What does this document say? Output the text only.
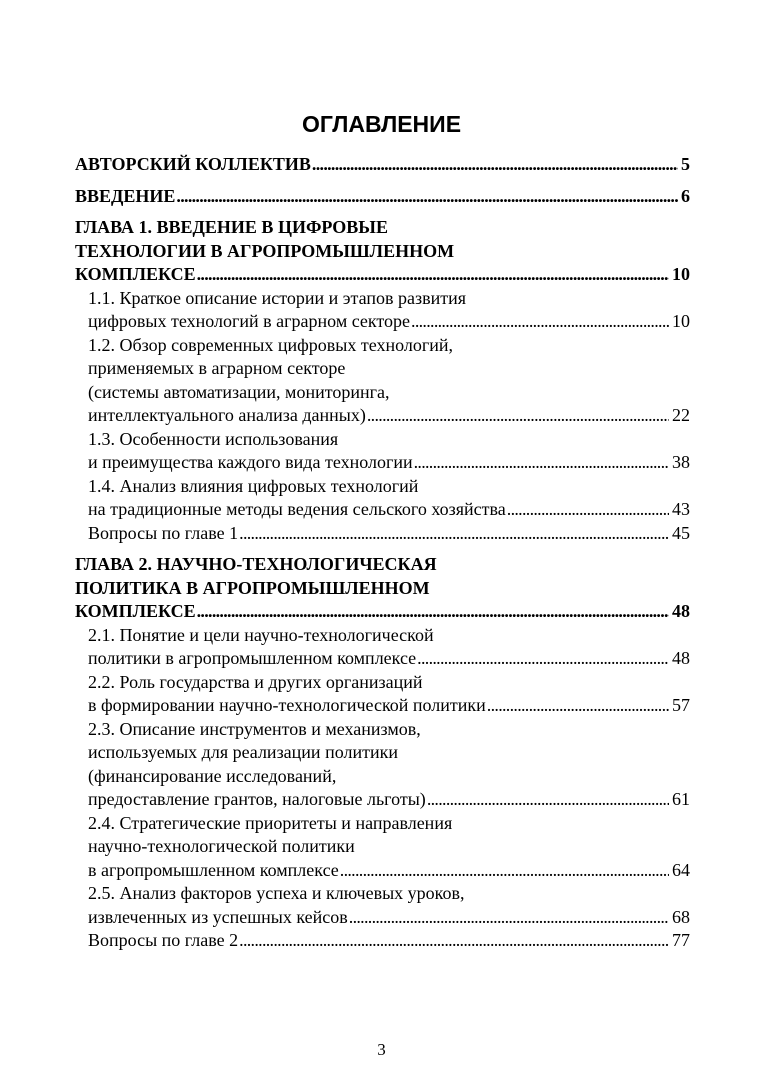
ОГЛАВЛЕНИЕ
АВТОРСКИЙ КОЛЛЕКТИВ . . .	5
ВВЕДЕНИЕ . . .	6
ГЛАВА 1. ВВЕДЕНИЕ В ЦИФРОВЫЕ
ТЕХНОЛОГИИ В АГРОПРОМЫШЛЕННОМ
КОМПЛЕКСЕ . . .	10
1.1. Краткое описание истории и этапов развития
цифровых технологий в аграрном секторе . . .	10
1.2. Обзор современных цифровых технологий,
применяемых в аграрном секторе
(системы автоматизации, мониторинга,
интеллектуального анализа данных) . . .	22
1.3. Особенности использования
и преимущества каждого вида технологии . . .	38
1.4. Анализ влияния цифровых технологий
на традиционные методы ведения сельского хозяйства . . .	43
Вопросы по главе 1 . . .	45
ГЛАВА 2. НАУЧНО-ТЕХНОЛОГИЧЕСКАЯ
ПОЛИТИКА В АГРОПРОМЫШЛЕННОМ
КОМПЛЕКСЕ . . .	48
2.1. Понятие и цели научно-технологической
политики в агропромышленном комплексе . . .	48
2.2. Роль государства и других организаций
в формировании научно-технологической политики . . .	57
2.3. Описание инструментов и механизмов,
используемых для реализации политики
(финансирование исследований,
предоставление грантов, налоговые льготы) . . .	61
2.4. Стратегические приоритеты и направления
научно-технологической политики
в агропромышленном комплексе . . .	64
2.5. Анализ факторов успеха и ключевых уроков,
извлеченных из успешных кейсов . . .	68
Вопросы по главе 2 . . .	77
3
